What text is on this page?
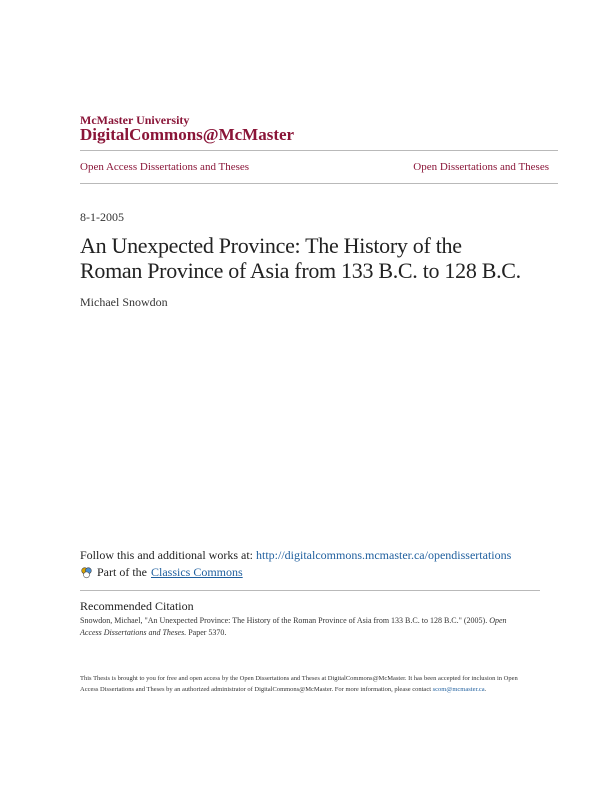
McMaster University
DigitalCommons@McMaster
Open Access Dissertations and Theses	Open Dissertations and Theses
8-1-2005
An Unexpected Province: The History of the
Roman Province of Asia from 133 B.C. to 128 B.C.
Michael Snowdon
Follow this and additional works at: http://digitalcommons.mcmaster.ca/opendissertations
Part of the Classics Commons
Recommended Citation
Snowdon, Michael, "An Unexpected Province: The History of the Roman Province of Asia from 133 B.C. to 128 B.C." (2005). Open Access Dissertations and Theses. Paper 5370.
This Thesis is brought to you for free and open access by the Open Dissertations and Theses at DigitalCommons@McMaster. It has been accepted for inclusion in Open Access Dissertations and Theses by an authorized administrator of DigitalCommons@McMaster. For more information, please contact scom@mcmaster.ca.
